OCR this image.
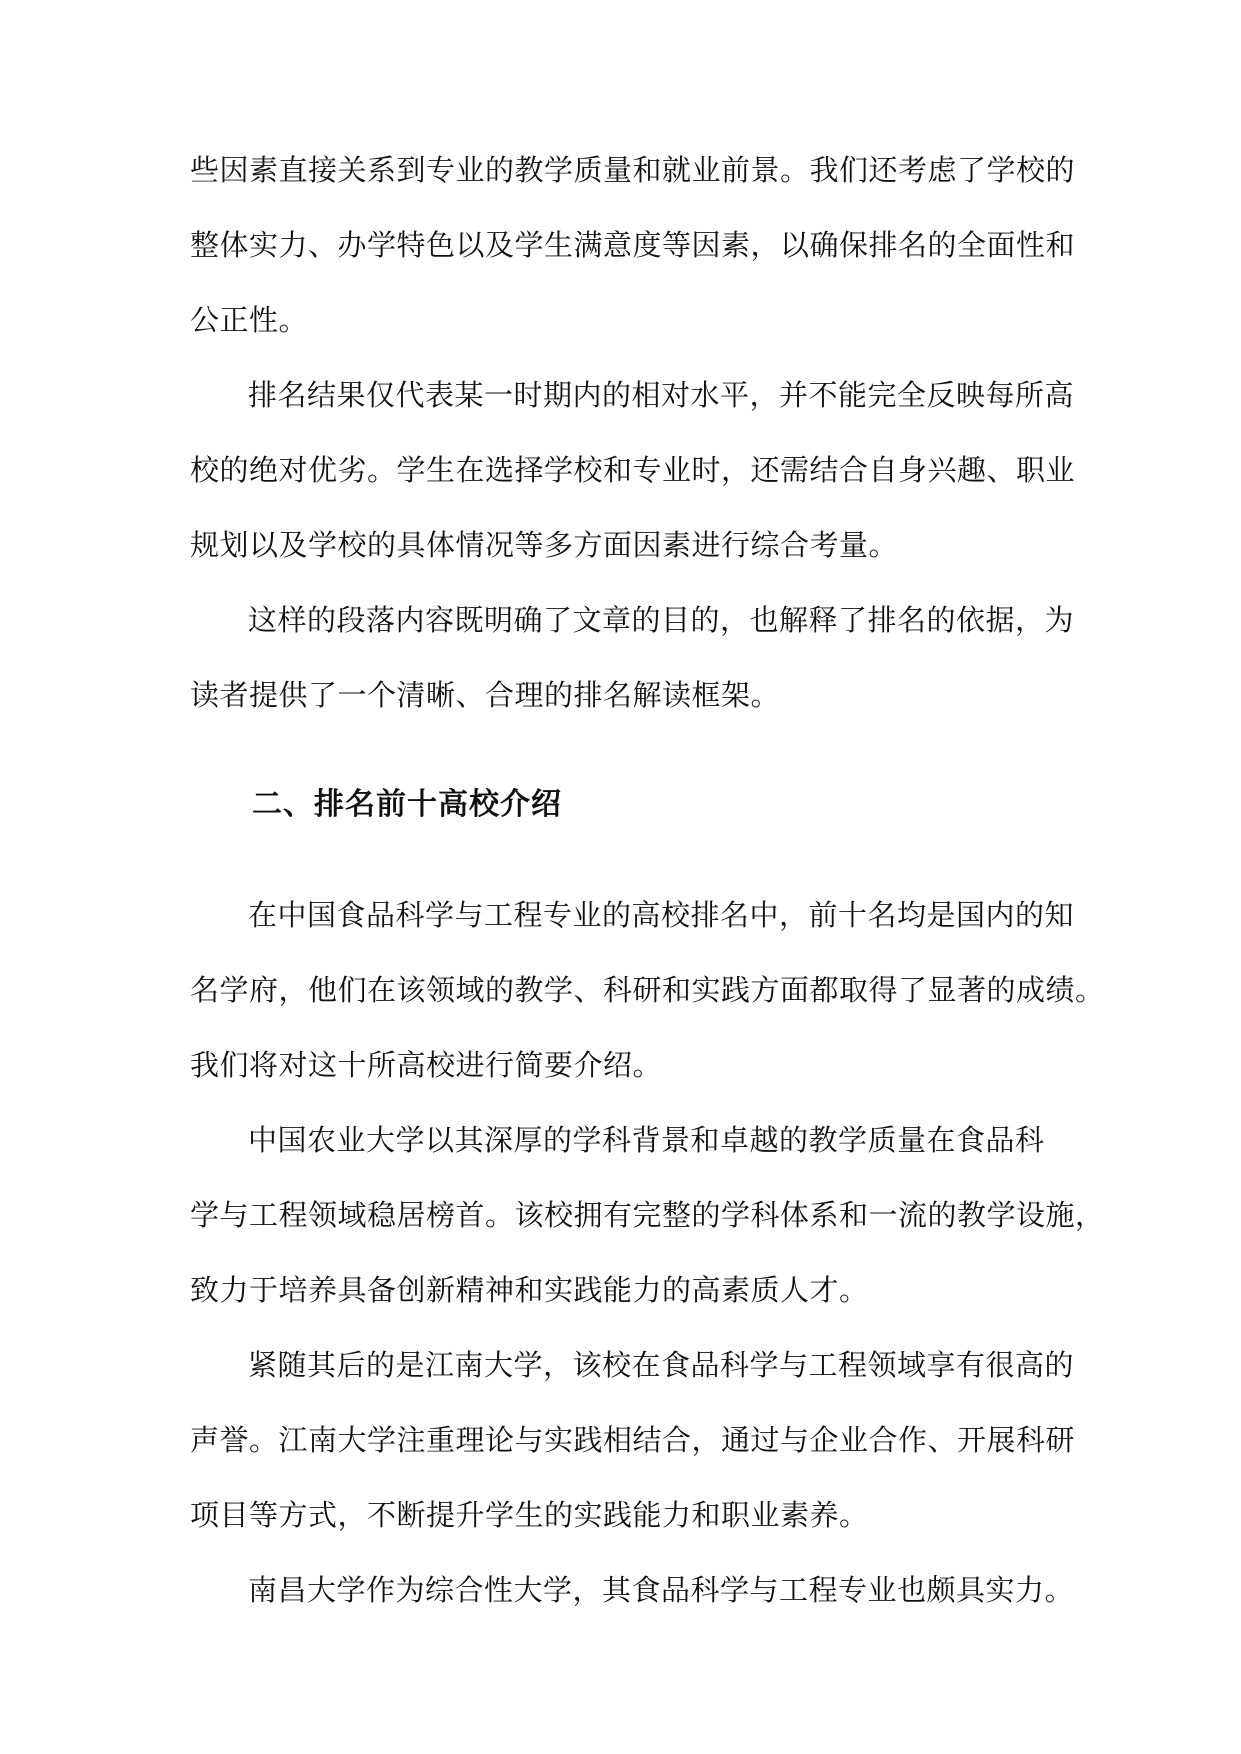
些因素直接关系到专业的教学质量和就业前景。我们还考虑了学校的
整体实力、办学特色以及学生满意度等因素，以确保排名的全面性和
公正性。
排名结果仅代表某一时期内的相对水平，并不能完全反映每所高
校的绝对优劣。学生在选择学校和专业时，还需结合自身兴趣、职业
规划以及学校的具体情况等多方面因素进行综合考量。
这样的段落内容既明确了文章的目的，也解释了排名的依据，为
读者提供了一个清晰、合理的排名解读框架。
二、排名前十高校介绍
在中国食品科学与工程专业的高校排名中，前十名均是国内的知
名学府，他们在该领域的教学、科研和实践方面都取得了显著的成绩。
我们将对这十所高校进行简要介绍。
中国农业大学以其深厚的学科背景和卓越的教学质量在食品科
学与工程领域稳居榜首。该校拥有完整的学科体系和一流的教学设施，
致力于培养具备创新精神和实践能力的高素质人才。
紧随其后的是江南大学，该校在食品科学与工程领域享有很高的
声誉。江南大学注重理论与实践相结合，通过与企业合作、开展科研
项目等方式，不断提升学生的实践能力和职业素养。
南昌大学作为综合性大学，其食品科学与工程专业也颇具实力。
